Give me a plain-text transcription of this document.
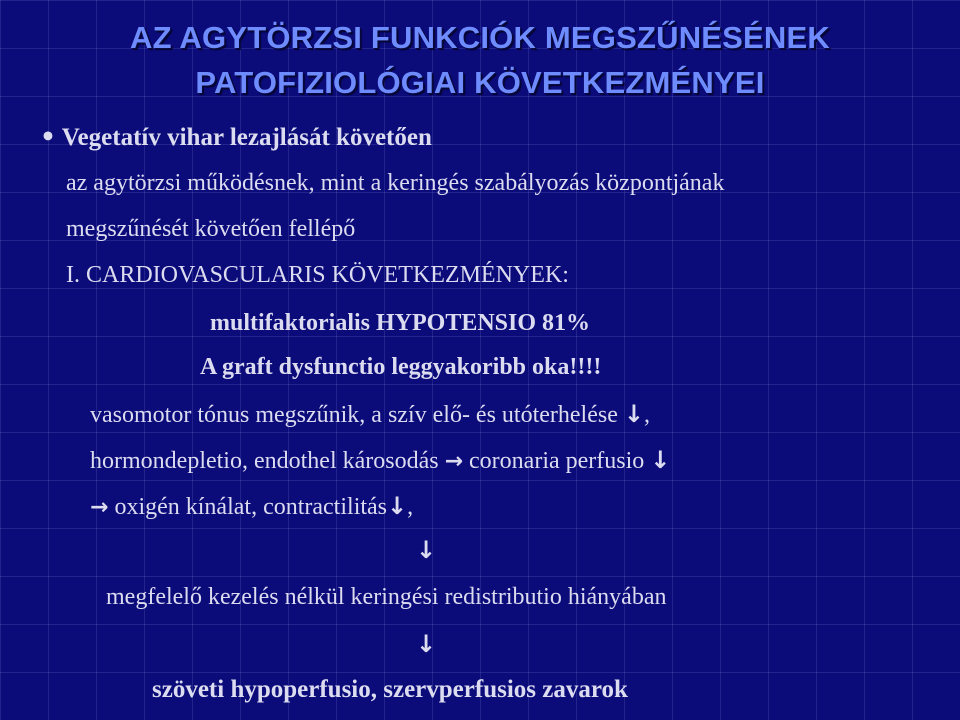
AZ AGYTÖRZSI FUNKCIÓK MEGSZŰNÉSÉNEK
PATOFIZIOLÓGIAI KÖVETKEZMÉNYEI
• Vegetatív vihar lezajlását követően
az agytörzsi működésnek, mint a keringés szabályozás központjának
megszűnését követően fellépő
I. CARDIOVASCULARIS KÖVETKEZMÉNYEK:
multifaktorialis HYPOTENSIO 81%
A graft dysfunctio leggyakoribb oka!!!!
vasomotor tónus megszűnik, a szív elő- és utóterhelése ↓,
hormondepletio, endothel károsodás → coronaria perfusio ↓
→ oxigén kínálat, contractilitás↓,
↓
megfelelő kezelés nélkül keringési redistributio hiányában
↓
szöveti hypoperfusio, szervperfusios zavarok
